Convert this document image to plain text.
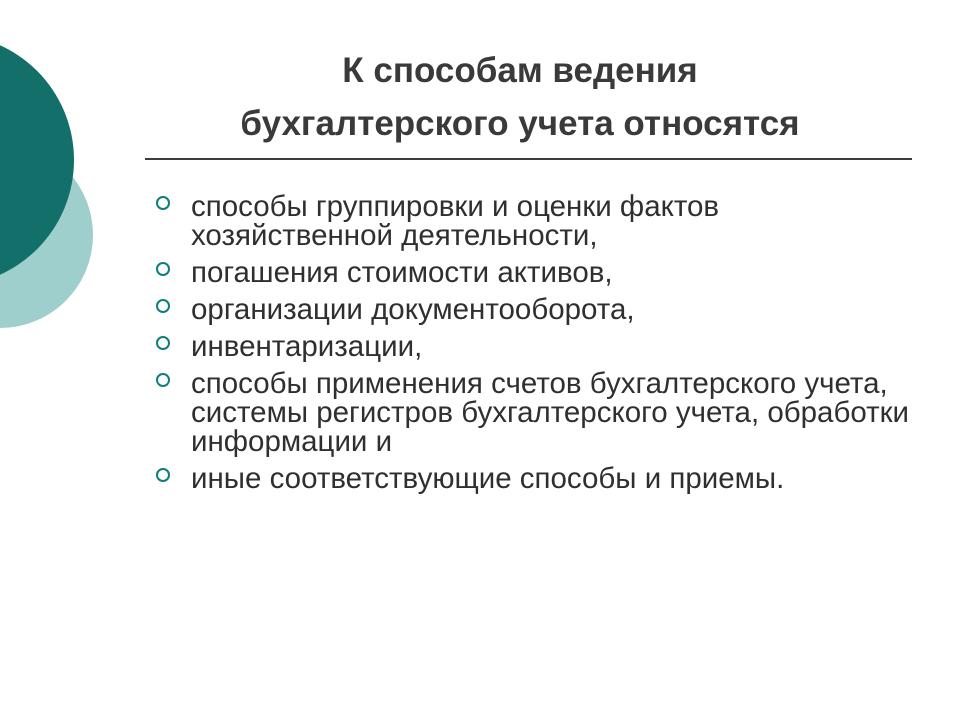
К способам ведения
бухгалтерского учета относятся
способы группировки и оценки фактов хозяйственной деятельности,
погашения стоимости активов,
организации документооборота,
инвентаризации,
способы применения счетов бухгалтерского учета, системы регистров бухгалтерского учета, обработки информации и
иные соответствующие способы и приемы.
